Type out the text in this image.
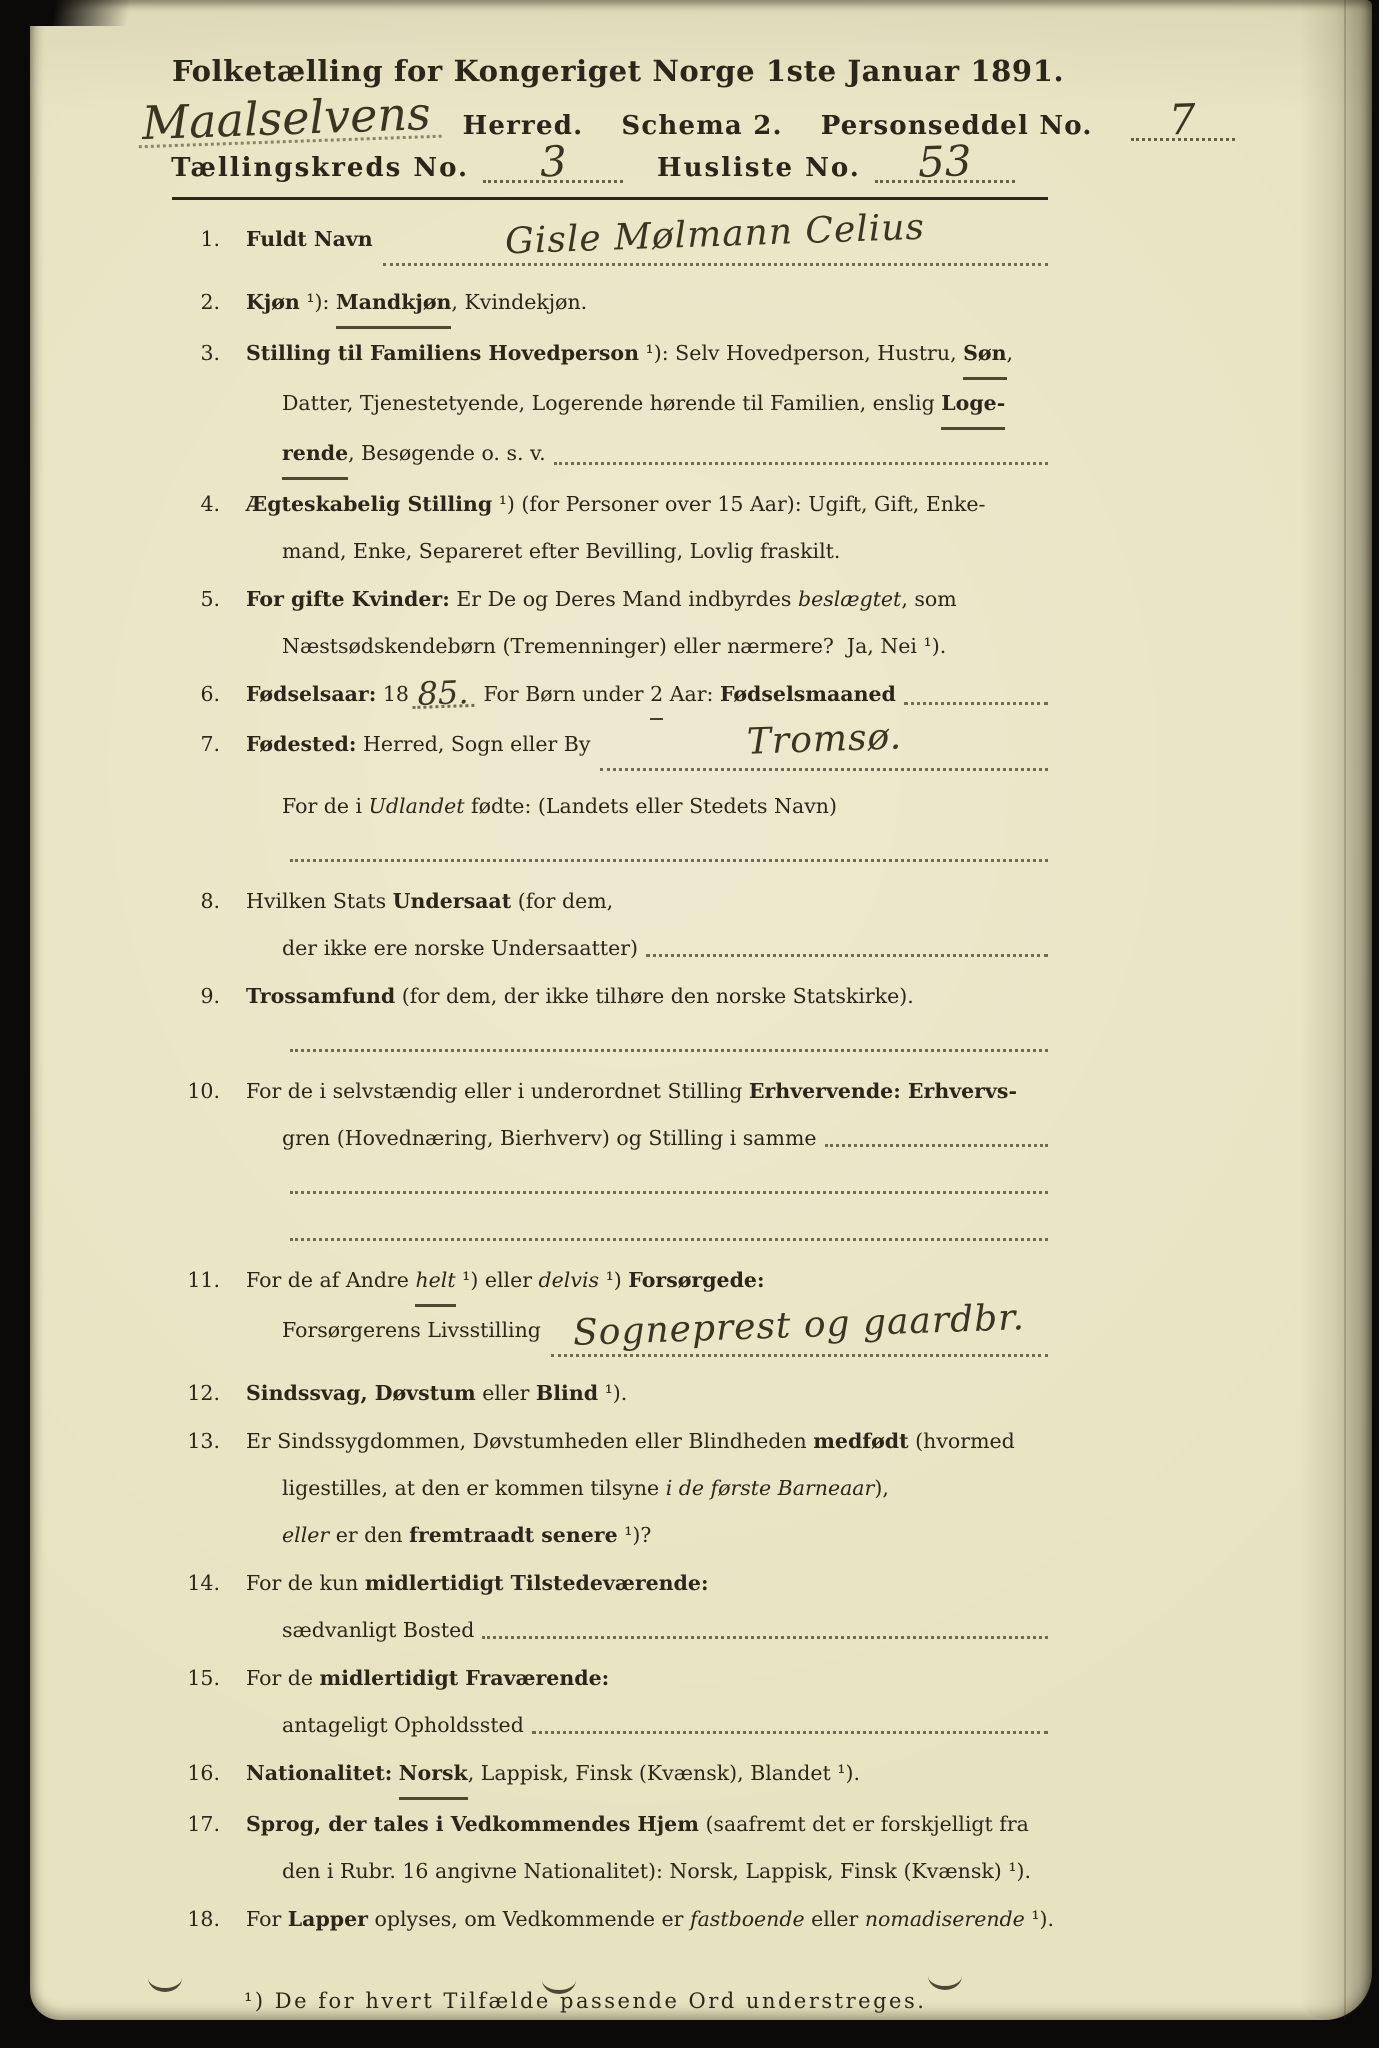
Folketælling for Kongeriget Norge 1ste Januar 1891.
Maalselvens	Herred. Schema 2. Personseddel No.	7
Tællingskreds No.	3	Husliste No.	53
1.	Fuldt Navn	Gisle Mølmann Celius
2.	Kjøn ¹): Mandkjøn , Kvindekjøn.
3.	Stilling til Familiens Hovedperson ¹): Selv Hovedperson, Hustru, Søn ,
Datter, Tjenestetyende, Logerende hørende til Familien, enslig Loge-
rende , Besøgende o. s. v.
4.	Ægteskabelig Stilling ¹) (for Personer over 15 Aar): Ugift, Gift, Enke-
mand, Enke, Separeret efter Bevilling, Lovlig fraskilt.
5.	For gifte Kvinder: Er De og Deres Mand indbyrdes beslægtet , som
Næstsødskendebørn (Tremenninger) eller nærmere?  Ja, Nei ¹).
6.	Fødselsaar: 18 85. For Børn under 2 Aar: Fødselsmaaned
7.	Fødested: Herred, Sogn eller By	Tromsø.
For de i Udlandet fødte: (Landets eller Stedets Navn)
8.	Hvilken Stats Undersaat (for dem,
der ikke ere norske Undersaatter)
9.	Trossamfund (for dem, der ikke tilhøre den norske Statskirke).
10.	For de i selvstændig eller i underordnet Stilling Erhvervende: Erhvervs-
gren (Hovednæring, Bierhverv) og Stilling i samme
11.	For de af Andre helt ¹) eller delvis ¹) Forsørgede:
Forsørgerens Livsstilling Sogneprest og gaardbr.
12.	Sindssvag, Døvstum eller Blind ¹).
13.	Er Sindssygdommen, Døvstumheden eller Blindheden medfødt (hvormed
ligestilles, at den er kommen tilsyne i de første Barneaar ),
eller er den fremtraadt senere ¹)?
14.	For de kun midlertidigt Tilstedeværende:
sædvanligt Bosted
15.	For de midlertidigt Fraværende:
antageligt Opholdssted
16.	Nationalitet:
Norsk , Lappisk, Finsk (Kvænsk), Blandet ¹).
17.	Sprog, der tales i Vedkommendes Hjem (saafremt det er forskjelligt fra
den i Rubr. 16 angivne Nationalitet): Norsk, Lappisk, Finsk (Kvænsk) ¹).
18.	For Lapper oplyses, om Vedkommende er fastboende eller nomadiserende ¹).
¹) De for hvert Tilfælde passende Ord understreges.
